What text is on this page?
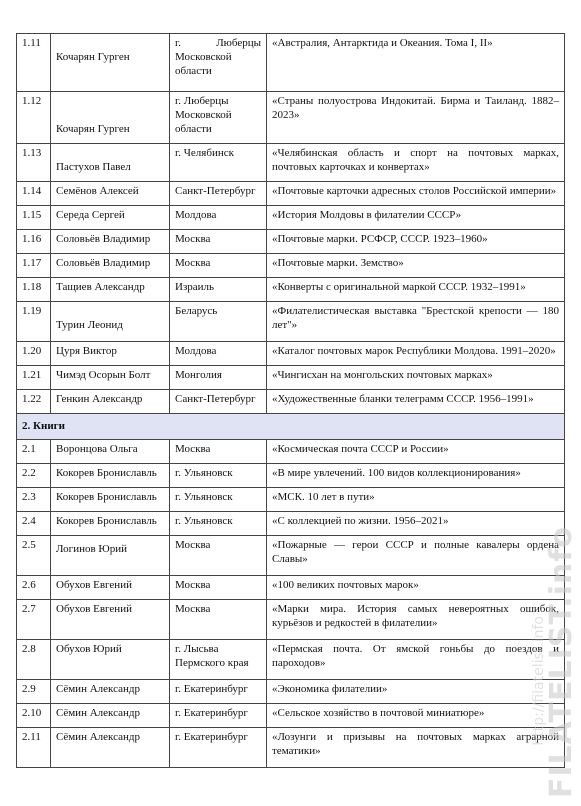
1.11	Кочарян Гурген	г. Люберцы Московской области	«Австралия, Антарктида и Океания. Тома I, II»
1.12	Кочарян Гурген	г. Люберцы Московской области	«Страны полуострова Индокитай. Бирма и Таиланд. 1882–2023»
1.13	Пастухов Павел	г. Челябинск	«Челябинская область и спорт на почтовых марках, почтовых карточках и конвертах»
1.14	Семёнов Алексей	Санкт-Петербург	«Почтовые карточки адресных столов Российской империи»
1.15	Середа Сергей	Молдова	«История Молдовы в филателии СССР»
1.16	Соловьёв Владимир	Москва	«Почтовые марки. РСФСР, СССР. 1923–1960»
1.17	Соловьёв Владимир	Москва	«Почтовые марки. Земство»
1.18	Тащиев Александр	Израиль	«Конверты с оригинальной маркой СССР. 1932–1991»
1.19	Турин Леонид	Беларусь	«Филателистическая выставка "Брестской крепости — 180 лет"»
1.20	Цуря Виктор	Молдова	«Каталог почтовых марок Республики Молдова. 1991–2020»
1.21	Чимэд Осорын Болт	Монголия	«Чингисхан на монгольских почтовых марках»
1.22	Генкин Александр	Санкт-Петербург	«Художественные бланки телеграмм СССР. 1956–1991»
2. Книги			
2.1	Воронцова Ольга	Москва	«Космическая почта СССР и России»
2.2	Кокорев Брониславль	г. Ульяновск	«В мире увлечений. 100 видов коллекционирования»
2.3	Кокорев Брониславль	г. Ульяновск	«МСК. 10 лет в пути»
2.4	Кокорев Брониславль	г. Ульяновск	«С коллекцией по жизни. 1956–2021»
2.5	Логинов Юрий	Москва	«Пожарные — герои СССР и полные кавалеры ордена Славы»
2.6	Обухов Евгений	Москва	«100 великих почтовых марок»
2.7	Обухов Евгений	Москва	«Марки мира. История самых невероятных ошибок, курьёзов и редкостей в филателии»
2.8	Обухов Юрий	г. Лысьва Пермского края	«Пермская почта. От ямской гоньбы до поездов и пароходов»
2.9	Сёмин Александр	г. Екатеринбург	«Экономика филателии»
2.10	Сёмин Александр	г. Екатеринбург	«Сельское хозяйство в почтовой миниатюре»
2.11	Сёмин Александр	г. Екатеринбург	«Лозунги и призывы на почтовых марках аграрной тематики»	FILATELIST.info
http://filatelist.info
